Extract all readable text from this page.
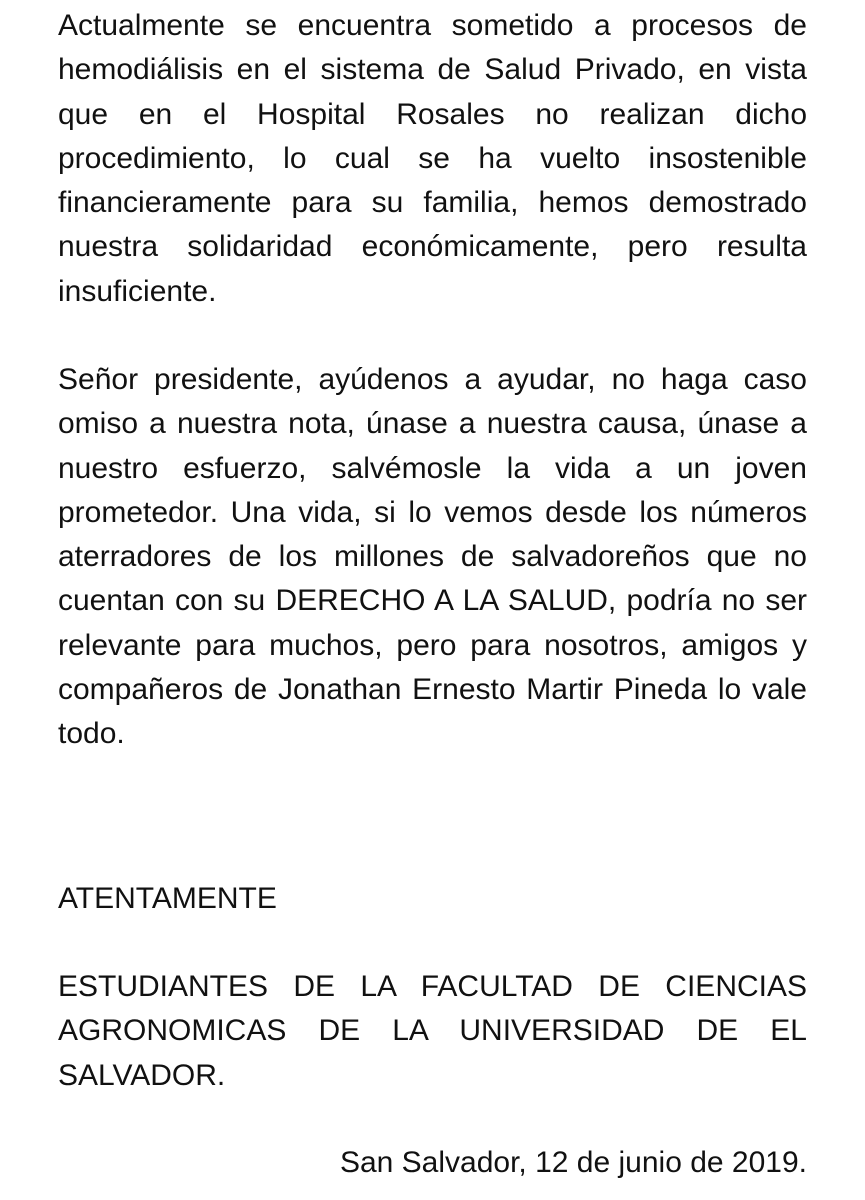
Actualmente se encuentra sometido a procesos de hemodiálisis en el sistema de Salud Privado, en vista que en el Hospital Rosales no realizan dicho procedimiento, lo cual se ha vuelto insostenible financieramente para su familia, hemos demostrado nuestra solidaridad económicamente, pero resulta insuficiente.

Señor presidente, ayúdenos a ayudar, no haga caso omiso a nuestra nota, únase a nuestra causa, únase a nuestro esfuerzo, salvémosle la vida a un joven prometedor. Una vida, si lo vemos desde los números aterradores de los millones de salvadoreños que no cuentan con su DERECHO A LA SALUD, podría no ser relevante para muchos, pero para nosotros, amigos y compañeros de Jonathan Ernesto Martir Pineda lo vale todo.

ATENTAMENTE

ESTUDIANTES DE LA FACULTAD DE CIENCIAS AGRONOMICAS DE LA UNIVERSIDAD DE EL SALVADOR.

San Salvador, 12 de junio de 2019.
